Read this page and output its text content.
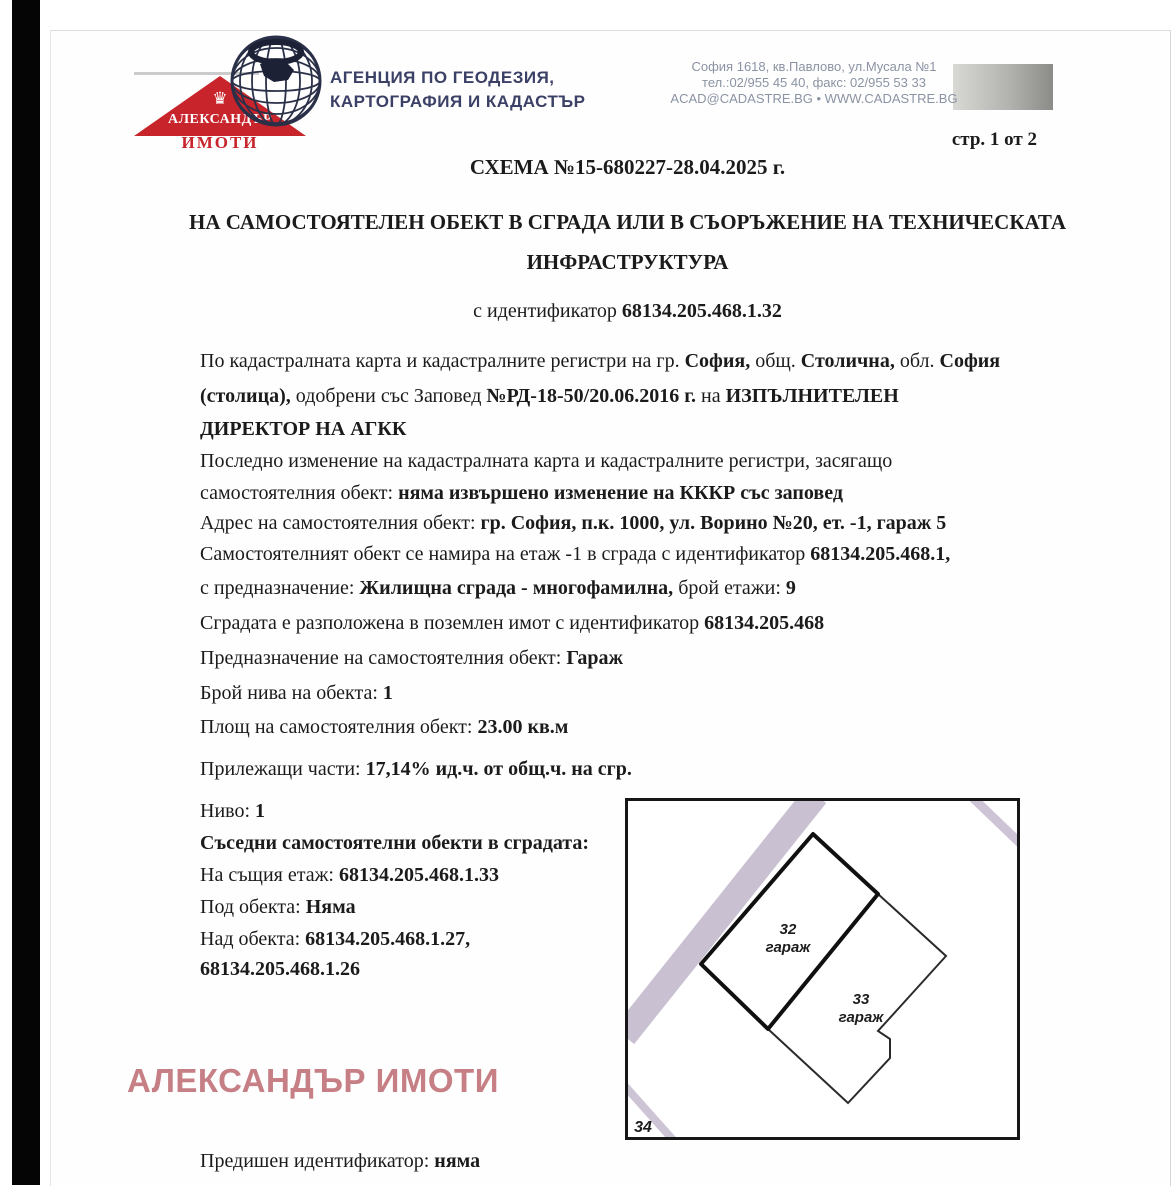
♛
АЛЕКСАНДЪР
ИМОТИ
АГЕНЦИЯ ПО ГЕОДЕЗИЯ,
КАРТОГРАФИЯ И КАДАСТЪР
София 1618, кв.Павлово, ул.Мусала №1
тел.:02/955 45 40, факс: 02/955 53 33
ACAD@CADASTRE.BG • WWW.CADASTRE.BG
стр. 1 от 2
СХЕМА №15-680227-28.04.2025 г.
НА САМОСТОЯТЕЛЕН ОБЕКТ В СГРАДА ИЛИ В СЪОРЪЖЕНИЕ НА ТЕХНИЧЕСКАТА
ИНФРАСТРУКТУРА
с идентификатор 68134.205.468.1.32
По кадастралната карта и кадастралните регистри на гр. София, общ. Столична, обл. София
(столица), одобрени със Заповед №РД-18-50/20.06.2016 г. на ИЗПЪЛНИТЕЛЕН
ДИРЕКТОР НА АГКК
Последно изменение на кадастралната карта и кадастралните регистри, засягащо
самостоятелния обект: няма извършено изменение на КККР със заповед
Адрес на самостоятелния обект: гр. София, п.к. 1000, ул. Ворино №20, ет. -1, гараж 5
Самостоятелният обект се намира на етаж -1 в сграда с идентификатор 68134.205.468.1,
с предназначение: Жилищна сграда - многофамилна, брой етажи: 9
Сградата е разположена в поземлен имот с идентификатор 68134.205.468
Предназначение на самостоятелния обект: Гараж
Брой нива на обекта: 1
Площ на самостоятелния обект: 23.00 кв.м
Прилежащи части: 17,14% ид.ч. от общ.ч. на сгр.
Ниво: 1
Съседни самостоятелни обекти в сградата:
На същия етаж: 68134.205.468.1.33
Под обекта: Няма
Над обекта: 68134.205.468.1.27,
68134.205.468.1.26
Предишен идентификатор: няма
32
гараж
33
гараж
34
АЛЕКСАНДЪР ИМОТИ
